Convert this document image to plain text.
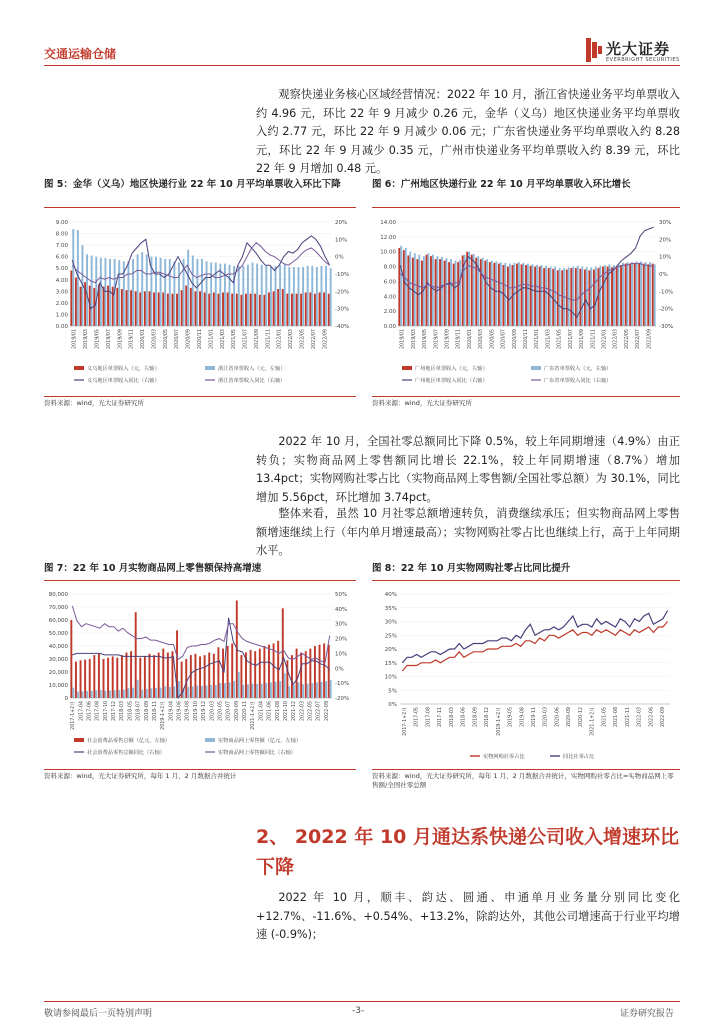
交通运输仓储	光大证券
EVERBRIGHT SECURITIES
观察快递业务核心区域经营情况：2022 年 10 月，浙江省快递业务平均单票收入约 4.96 元，环比 22 年 9 月减少 0.26 元，金华（义乌）地区快递业务平均单票收入约 2.77 元，环比 22 年 9 月减少 0.06 元；广东省快递业务平均单票收入约 8.28 元，环比 22 年 9 月减少 0.35 元，广州市快递业务平均单票收入约 8.39 元，环比 22 年 9 月增加 0.48 元。
图 5：金华（义乌）地区快递行业 22 年 10 月平均单票收入环比下降
9.00
8.00
7.00
6.00
5.00
4.00
3.00
2.00
1.00
0.00
20%
10%
0%
-10%
-20%
-30%
-40%
2019/01 2019/03 2019/05 2019/07 2019/09 2019/11 2020/01 2020/03 2020/05 2020/07 2020/09 2020/11 2021/01 2021/03 2021/05 2021/07 2021/09 2021/11 2022/01 2022/03 2022/05 2022/07 2022/09
义乌地区单票收入（元，左轴）	浙江省单票收入（元，左轴）
义乌地区单票收入同比（右轴）	浙江省单票收入同比（右轴）
资料来源：wind，光大证券研究所
图 6：广州地区快递行业 22 年 10 月平均单票收入环比增长
14.00
12.00
10.00
8.00
6.00
4.00
2.00
0.00
30%
20%
10%
0%
-10%
-20%
-30%
2019/01 2019/03 2019/05 2019/07 2019/09 2019/11 2020/01 2020/03 2020/05 2020/07 2020/09 2020/11 2021/01 2021/03 2021/05 2021/07 2021/09 2021/11 2022/01 2022/03 2022/05 2022/07 2022/09
广州地区单票收入（元，左轴）	广东省单票收入（元，左轴）
广州地区单票收入同比（右轴）	广东省单票收入同比（右轴）
资料来源：wind，光大证券研究所
2022 年 10 月，全国社零总额同比下降 0.5%，较上年同期增速（4.9%）由正转负；实物商品网上零售额同比增长 22.1%，较上年同期增速（8.7%）增加 13.4pct；实物网购社零占比（实物商品网上零售额/全国社零总额）为 30.1%，同比增加 5.56pct，环比增加 3.74pct。
整体来看，虽然 10 月社零总额增速转负，消费继续承压；但实物商品网上零售额增速继续上行（年内单月增速最高）；实物网购社零占比也继续上行，高于上年同期水平。
图 7：22 年 10 月实物商品网上零售额保持高增速
80,000
70,000
60,000
50,000
40,000
30,000
20,000
10,000
0
50%
40%
30%
20%
10%
0%
-10%
-20%
2017-1+2月 2017-04 2017-06 2017-08 2017-10 2017-12 2018-03 2018-05 2018-07 2018-09 2018-11 2019-1+2月 2019-04 2019-06 2019-08 2019-10 2019-12 2020-03 2020-05 2020-07 2020-09 2020-11 2021-1+2月 2021-04 2021-06 2021-08 2021-10 2021-12 2022-03 2022-05 2022-07 2022-09
社会消费品零售总额（亿元，左轴）	实物商品网上零售额（亿元，左轴）
社会消费品零售总额同比（右轴）	实物商品网上零售额同比（右轴）
资料来源：wind，光大证券研究所，每年 1 月、2 月数据合并统计
图 8：22 年 10 月实物网购社零占比同比提升
40%
35%
30%
25%
20%
15%
10%
5%
0%
2017-1+2月 2017-05 2017-08 2017-11 2018-03 2018-06 2018-09 2018-12	2019-1+2月 2019-05 2019-08 2019-11 2020-03 2020-06 2020-09 2020-12	2021-1+2月 2021-05 2021-08 2021-11 2022-03 2022-06 2022-09
实物网购社零占比	同比社零占比
资料来源：wind，光大证券研究所，每年 1 月、2 月数据合并统计，实物网购社零占比=实物商品网上零售额/全国社零总额
2、 2022 年 10 月通达系快递公司收入增速环比下降
2022 年 10 月，顺丰、韵达、圆通、申通单月业务量分别同比变化+12.7%、-11.6%、+0.54%、+13.2%，除韵达外，其他公司增速高于行业平均增速 (-0.9%)；
敬请参阅最后一页特别声明	-3-	证券研究报告
